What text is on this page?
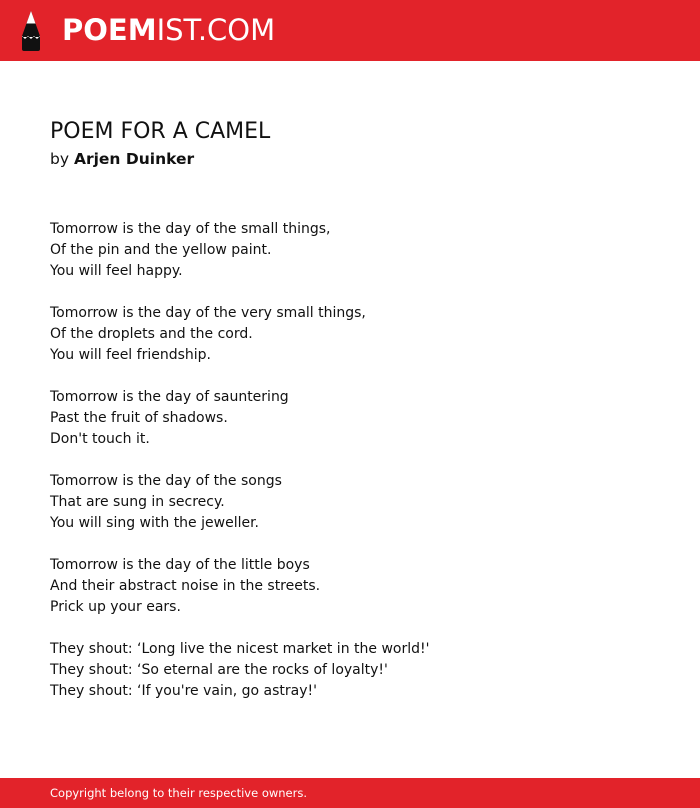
POEMIST.COM
POEM FOR A CAMEL
by Arjen Duinker
Tomorrow is the day of the small things,
Of the pin and the yellow paint.
You will feel happy.
Tomorrow is the day of the very small things,
Of the droplets and the cord.
You will feel friendship.
Tomorrow is the day of sauntering
Past the fruit of shadows.
Don't touch it.
Tomorrow is the day of the songs
That are sung in secrecy.
You will sing with the jeweller.
Tomorrow is the day of the little boys
And their abstract noise in the streets.
Prick up your ears.
They shout: ‘Long live the nicest market in the world!'
They shout: ‘So eternal are the rocks of loyalty!'
They shout: ‘If you're vain, go astray!'
Copyright belong to their respective owners.
